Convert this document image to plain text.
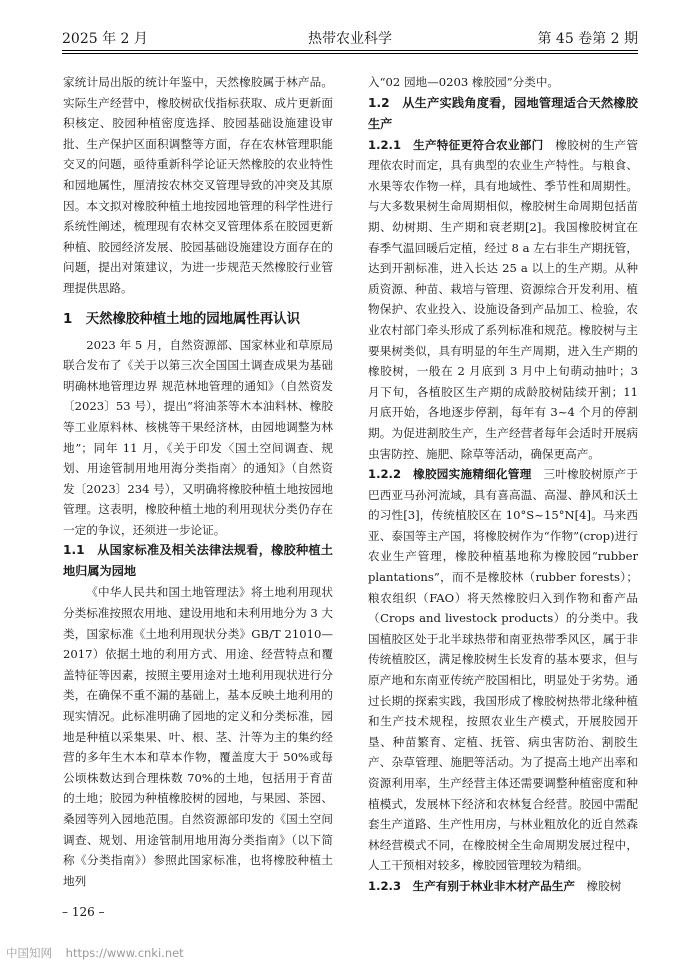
2025 年 2 月	热带农业科学	第 45 卷第 2 期

家统计局出版的统计年鉴中，天然橡胶属于林产品。实际生产经营中，橡胶树砍伐指标获取、成片更新面积核定、胶园种植密度选择、胶园基础设施建设审批、生产保护区面积调整等方面，存在农林管理职能交叉的问题，亟待重新科学论证天然橡胶的农业特性和园地属性，厘清按农林交叉管理导致的冲突及其原因。本文拟对橡胶种植土地按园地管理的科学性进行系统性阐述，梳理现有农林交叉管理体系在胶园更新种植、胶园经济发展、胶园基础设施建设方面存在的问题，提出对策建议，为进一步规范天然橡胶行业管理提供思路。

1　天然橡胶种植土地的园地属性再认识

2023 年 5 月，自然资源部、国家林业和草原局联合发布了《关于以第三次全国国土调查成果为基础明确林地管理边界 规范林地管理的通知》（自然资发〔2023〕53 号），提出“将油茶等木本油料林、橡胶等工业原料林、核桃等干果经济林，由园地调整为林地”；同年 11 月，《关于印发〈国土空间调查、规划、用途管制用地用海分类指南〉的通知》（自然资发〔2023〕234 号），又明确将橡胶种植土地按园地管理。这表明，橡胶种植土地的利用现状分类仍存在一定的争议，还须进一步论证。

1.1　从国家标准及相关法律法规看，橡胶种植土地归属为园地

《中华人民共和国土地管理法》将土地利用现状分类标准按照农用地、建设用地和未利用地分为 3 大类，国家标准《土地利用现状分类》GB/T 21010—2017）依据土地的利用方式、用途、经营特点和覆盖特征等因素，按照主要用途对土地利用现状进行分类，在确保不重不漏的基础上，基本反映土地利用的现实情况。此标准明确了园地的定义和分类标准，园地是种植以采集果、叶、根、茎、汁等为主的集约经营的多年生木本和草本作物，覆盖度大于 50%或每公顷株数达到合理株数 70%的土地，包括用于育苗的土地；胶园为种植橡胶树的园地，与果园、茶园、桑园等列入园地范围。自然资源部印发的《国土空间调查、规划、用途管制用地用海分类指南》（以下简称《分类指南》）参照此国家标准，也将橡胶种植土地列

入“02 园地—0203 橡胶园”分类中。

1.2　从生产实践角度看，园地管理适合天然橡胶生产

1.2.1　生产特征更符合农业部门　 橡胶树的生产管理依农时而定，具有典型的农业生产特性。与粮食、水果等农作物一样，具有地域性、季节性和周期性。与大多数果树生命周期相似，橡胶树生命周期包括苗期、幼树期、生产期和衰老期[2]。我国橡胶树宜在春季气温回暖后定植，经过 8 a 左右非生产期抚管，达到开割标准，进入长达 25 a 以上的生产期。从种质资源、种苗、栽培与管理、资源综合开发利用、植物保护、农业投入、设施设备到产品加工、检验，农业农村部门牵头形成了系列标准和规范。橡胶树与主要果树类似，具有明显的年生产周期，进入生产期的橡胶树，一般在 2 月底到 3 月中上旬萌动抽叶；3 月下旬，各植胶区生产期的成龄胶树陆续开割；11 月底开始，各地逐步停割，每年有 3~4 个月的停割期。为促进割胶生产，生产经营者每年会适时开展病虫害防控、施肥、除草等活动，确保更高产。

1.2.2　橡胶园实施精细化管理　 三叶橡胶树原产于巴西亚马孙河流域，具有喜高温、高湿、静风和沃土的习性[3]，传统植胶区在 10°S~15°N[4]。马来西亚、泰国等主产国，将橡胶树作为“作物”(crop)进行农业生产管理，橡胶种植基地称为橡胶园“rubber plantations”，而不是橡胶林（rubber forests）；粮农组织（FAO）将天然橡胶归入到作物和畜产品（Crops and livestock products）的分类中。我国植胶区处于北半球热带和南亚热带季风区，属于非传统植胶区，满足橡胶树生长发育的基本要求，但与原产地和东南亚传统产胶国相比，明显处于劣势。通过长期的探索实践，我国形成了橡胶树热带北缘种植和生产技术规程，按照农业生产模式，开展胶园开垦、种苗繁育、定植、抚管、病虫害防治、割胶生产、杂草管理、施肥等活动。为了提高土地产出率和资源利用率，生产经营主体还需要调整种植密度和种植模式，发展林下经济和农林复合经营。胶园中需配套生产道路、生产性用房，与林业粗放化的近自然森林经营模式不同，在橡胶树全生命周期发展过程中，人工干预相对较多，橡胶园管理较为精细。

1.2.3　生产有别于林业非木材产品生产　 橡胶树

– 126 –
中国知网 https://www.cnki.net
